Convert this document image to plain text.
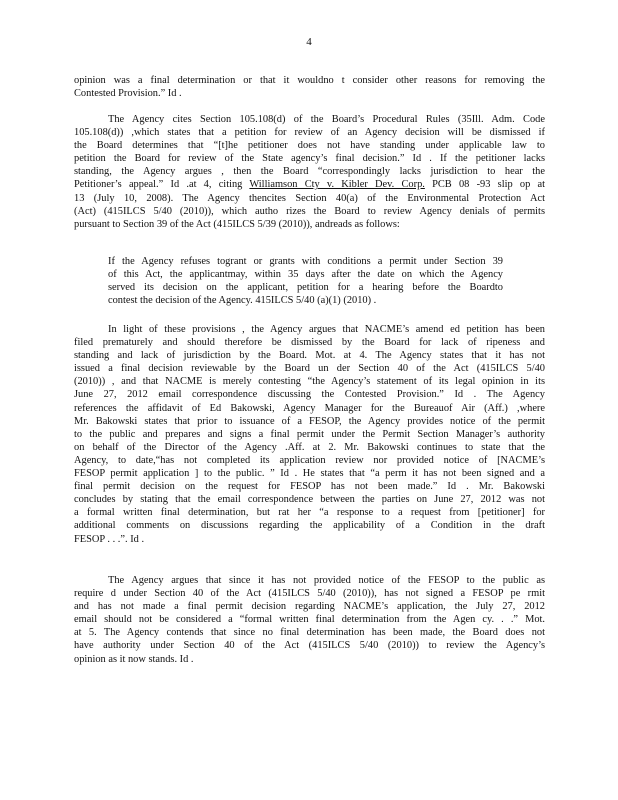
4
opinion was a final determination or that it wouldno t consider other reasons for removing the
Contested Provision.” Id .
The Agency cites Section 105.108(d) of the Board’s Procedural Rules (35Ill. Adm. Code
105.108(d)) ,which states that a petition for review of an Agency decision will be dismissed if
the Board determines that “[t]he petitioner does not have standing under applicable law to
petition the Board for review of the State agency’s final decision.” Id . If the petitioner lacks
standing, the Agency argues , then the Board “correspondingly lacks jurisdiction to hear the
Petitioner’s appeal.” Id .at 4, citing Williamson Cty v. Kibler Dev. Corp. PCB 08 -93 slip op at
13 (July 10, 2008). The Agency thencites Section 40(a) of the Environmental Protection Act
(Act) (415ILCS 5/40 (2010)), which autho rizes the Board to review Agency denials of permits
pursuant to Section 39 of the Act (415ILCS 5/39 (2010)), andreads as follows:
If the Agency refuses togrant or grants with conditions a permit under Section 39
of this Act, the applicantmay, within 35 days after the date on which the Agency
served its decision on the applicant, petition for a hearing before the Boardto
contest the decision of the Agency. 415ILCS 5/40 (a)(1) (2010) .
In light of these provisions , the Agency argues that NACME’s amend ed petition has been
filed prematurely and should therefore be dismissed by the Board for lack of ripeness and
standing and lack of jurisdiction by the Board. Mot. at 4. The Agency states that it has not
issued a final decision reviewable by the Board un der Section 40 of the Act (415ILCS 5/40
(2010)) , and that NACME is merely contesting “the Agency’s statement of its legal opinion in its
June 27, 2012 email correspondence discussing the Contested Provision.” Id . The Agency
references the affidavit of Ed Bakowski, Agency Manager for the Bureauof Air (Aff.) ,where
Mr. Bakowski states that prior to issuance of a FESOP, the Agency provides notice of the permit
to the public and prepares and signs a final permit under the Permit Section Manager’s authority
on behalf of the Director of the Agency .Aff. at 2. Mr. Bakowski continues to state that the
Agency, to date,“has not completed its application review nor provided notice of [NACME’s
FESOP permit application ] to the public. ” Id . He states that “a perm it has not been signed and a
final permit decision on the request for FESOP has not been made.” Id . Mr. Bakowski
concludes by stating that the email correspondence between the parties on June 27, 2012 was not
a formal written final determination, but rat her “a response to a request from [petitioner] for
additional comments on discussions regarding the applicability of a Condition in the draft
FESOP . . .”. Id .
The Agency argues that since it has not provided notice of the FESOP to the public as
require d under Section 40 of the Act (415ILCS 5/40 (2010)), has not signed a FESOP pe rmit
and has not made a final permit decision regarding NACME’s application, the July 27, 2012
email should not be considered a “formal written final determination from the Agen cy. . .” Mot.
at 5. The Agency contends that since no final determination has been made, the Board does not
have authority under Section 40 of the Act (415ILCS 5/40 (2010)) to review the Agency’s
opinion as it now stands. Id .
